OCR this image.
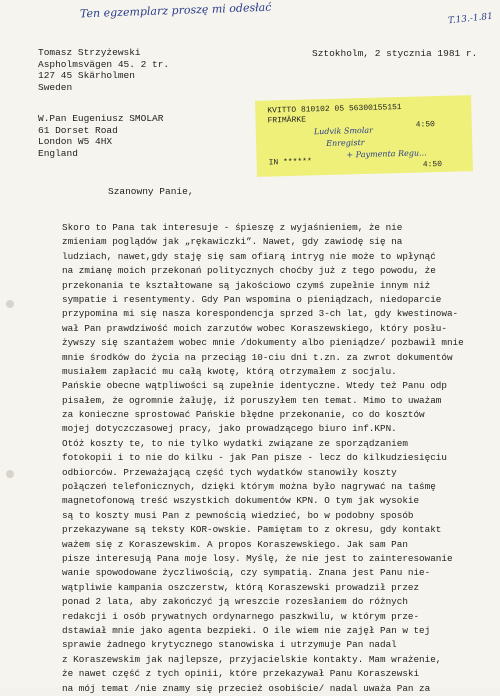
Ten egzemplarz proszę mi odesłać	T.13.-1.81
Tomasz Strzyżewski
Aspholmsvägen 45. 2 tr.
127 45 Skärholmen
Sweden
Sztokholm, 2 stycznia 1981 r.
KVITTO 810102 05 56300155151
FRIMÄRKE	4:50
Ludvik Smolar
Enregistr
+ Paymenta Regu...
IN ******	4:50
W.Pan Eugeniusz SMOLAR
61 Dorset Road
London W5 4HX
England
Szanowny Panie,
Skoro to Pana tak interesuje - śpieszę z wyjaśnieniem, że nie
zmieniam poglądów jak „rękawiczki”. Nawet, gdy zawiodę się na
ludziach, nawet,gdy staję się sam ofiarą intryg nie może to wpłynąć
na zmianę moich przekonań politycznych choćby już z tego powodu, że
przekonania te kształtowane są jakościowo czymś zupełnie innym niż
sympatie i resentymenty. Gdy Pan wspomina o pieniądzach, niedoparcie
przypomina mi się nasza korespondencja sprzed 3-ch lat, gdy kwestinowa-
wał Pan prawdziwość moich zarzutów wobec Koraszewskiego, który posłu-
żywszy się szantażem wobec mnie /dokumenty albo pieniądze/ pozbawił mnie
mnie środków do życia na przeciąg 10-ciu dni t.zn. za zwrot dokumentów
musiałem zapłacić mu całą kwotę, którą otrzymałem z socjalu.
Pańskie obecne wątpliwości są zupełnie identyczne. Wtedy też Panu odp
pisałem, że ogromnie żałuję, iż poruszyłem ten temat. Mimo to uważam
za konieczne sprostować Pańskie błędne przekonanie, co do kosztów
mojej dotyczczasowej pracy, jako prowadzącego biuro inf.KPN.
Otóż koszty te, to nie tylko wydatki związane ze sporządzaniem
fotokopii i to nie do kilku - jak Pan pisze - lecz do kilkudziesięciu
odbiorców. Przeważającą część tych wydatków stanowiły koszty
połączeń telefonicznych, dzięki którym można było nagrywać na taśmę
magnetofonową treść wszystkich dokumentów KPN. O tym jak wysokie
są to koszty musi Pan z pewnością wiedzieć, bo w podobny sposób
przekazywane są teksty KOR-owskie. Pamiętam to z okresu, gdy kontakt
ważem się z Koraszewskim. A propos Koraszewskiego. Jak sam Pan
pisze interesują Pana moje losy. Myślę, że nie jest to zainteresowanie
wanie spowodowane życzliwością, czy sympatią. Znana jest Panu nie-
wątpliwie kampania oszczerstw, którą Koraszewski prowadził przez
ponad 2 lata, aby zakończyć ją wreszcie rozesłaniem do różnych
redakcji i osób prywatnych ordynarnego paszkwilu, w którym prze-
dstawiał mnie jako agenta bezpieki. O ile wiem nie zajęł Pan w tej
sprawie żadnego krytycznego stanowiska i utrzymuje Pan nadal
z Koraszewskim jak najlepsze, przyjacielskie kontakty. Mam wrażenie,
że nawet część z tych opinii, które przekazywał Panu Koraszewski
na mój temat /nie znamy się przecież osobiście/ nadal uważa Pan za
